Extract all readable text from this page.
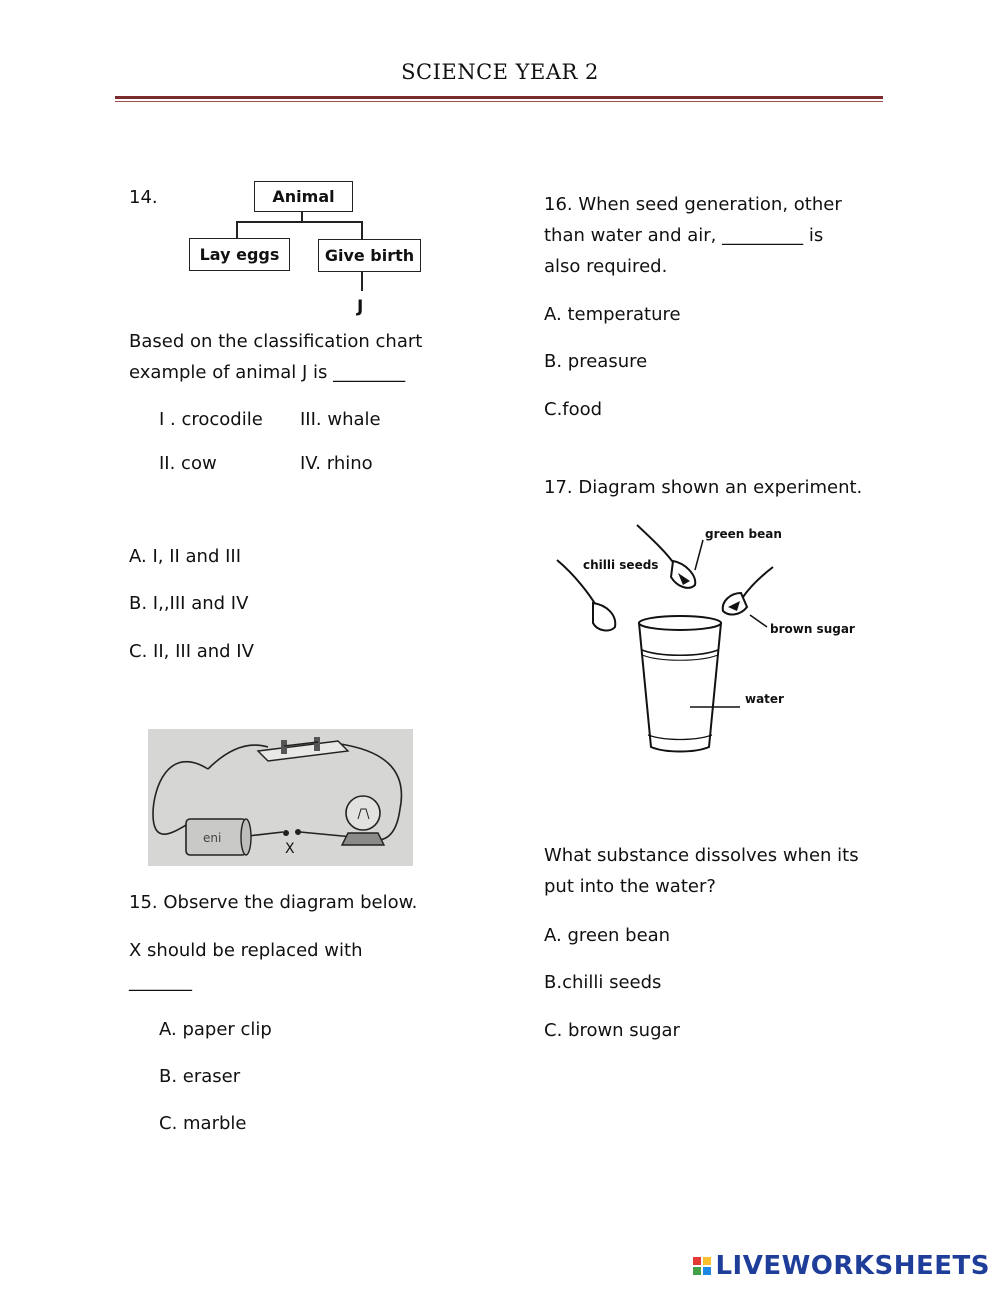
SCIENCE YEAR 2
14.	Animal
Lay eggs	Give birth
J
Based on the classification chart
example of animal J is ________
I . crocodile III. whale
II. cow	IV. rhino
A. I, II and III
B. I,,III and IV
C. II, III and IV
eni
X
15. Observe the diagram below.
X should be replaced with
_______
A. paper clip
B. eraser
C. marble
16. When seed generation, other
than water and air, _________ is
also required.
A. temperature
B. preasure
C.food
17. Diagram shown an experiment.
chilli seeds
green bean
brown sugar
water
What substance dissolves when its
put into the water?
A. green bean
B.chilli seeds
C. brown sugar
LIVEWORKSHEETS
